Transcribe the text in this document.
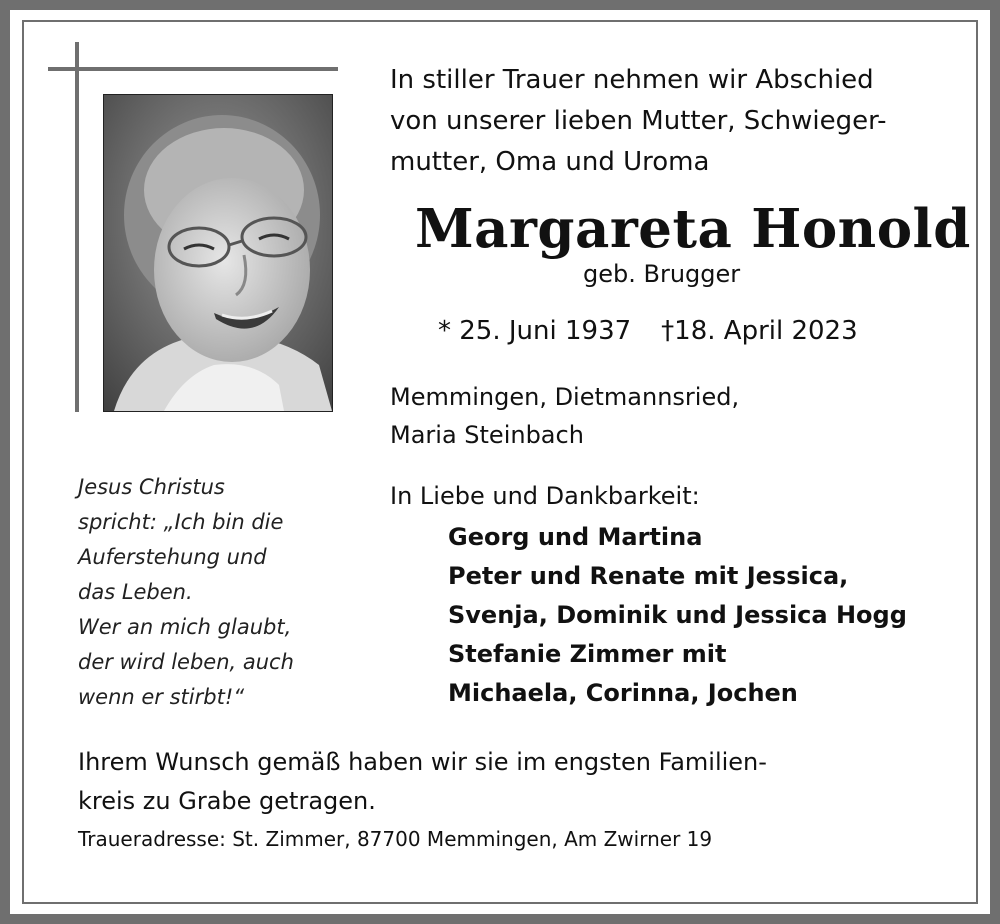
In stiller Trauer nehmen wir Abschied
von unserer lieben Mutter, Schwieger-
mutter, Oma und Uroma
Margareta Honold
geb. Brugger
* 25. Juni 1937 †18. April 2023
Memmingen, Dietmannsried,
Maria Steinbach
Jesus Christus
spricht: „Ich bin die
Auferstehung und
das Leben.
Wer an mich glaubt,
der wird leben, auch
wenn er stirbt!“
In Liebe und Dankbarkeit:
Georg und Martina
Peter und Renate mit Jessica,
Svenja, Dominik und Jessica Hogg
Stefanie Zimmer mit
Michaela, Corinna, Jochen
Ihrem Wunsch gemäß haben wir sie im engsten Familien-
kreis zu Grabe getragen.
Traueradresse: St. Zimmer, 87700 Memmingen, Am Zwirner 19
